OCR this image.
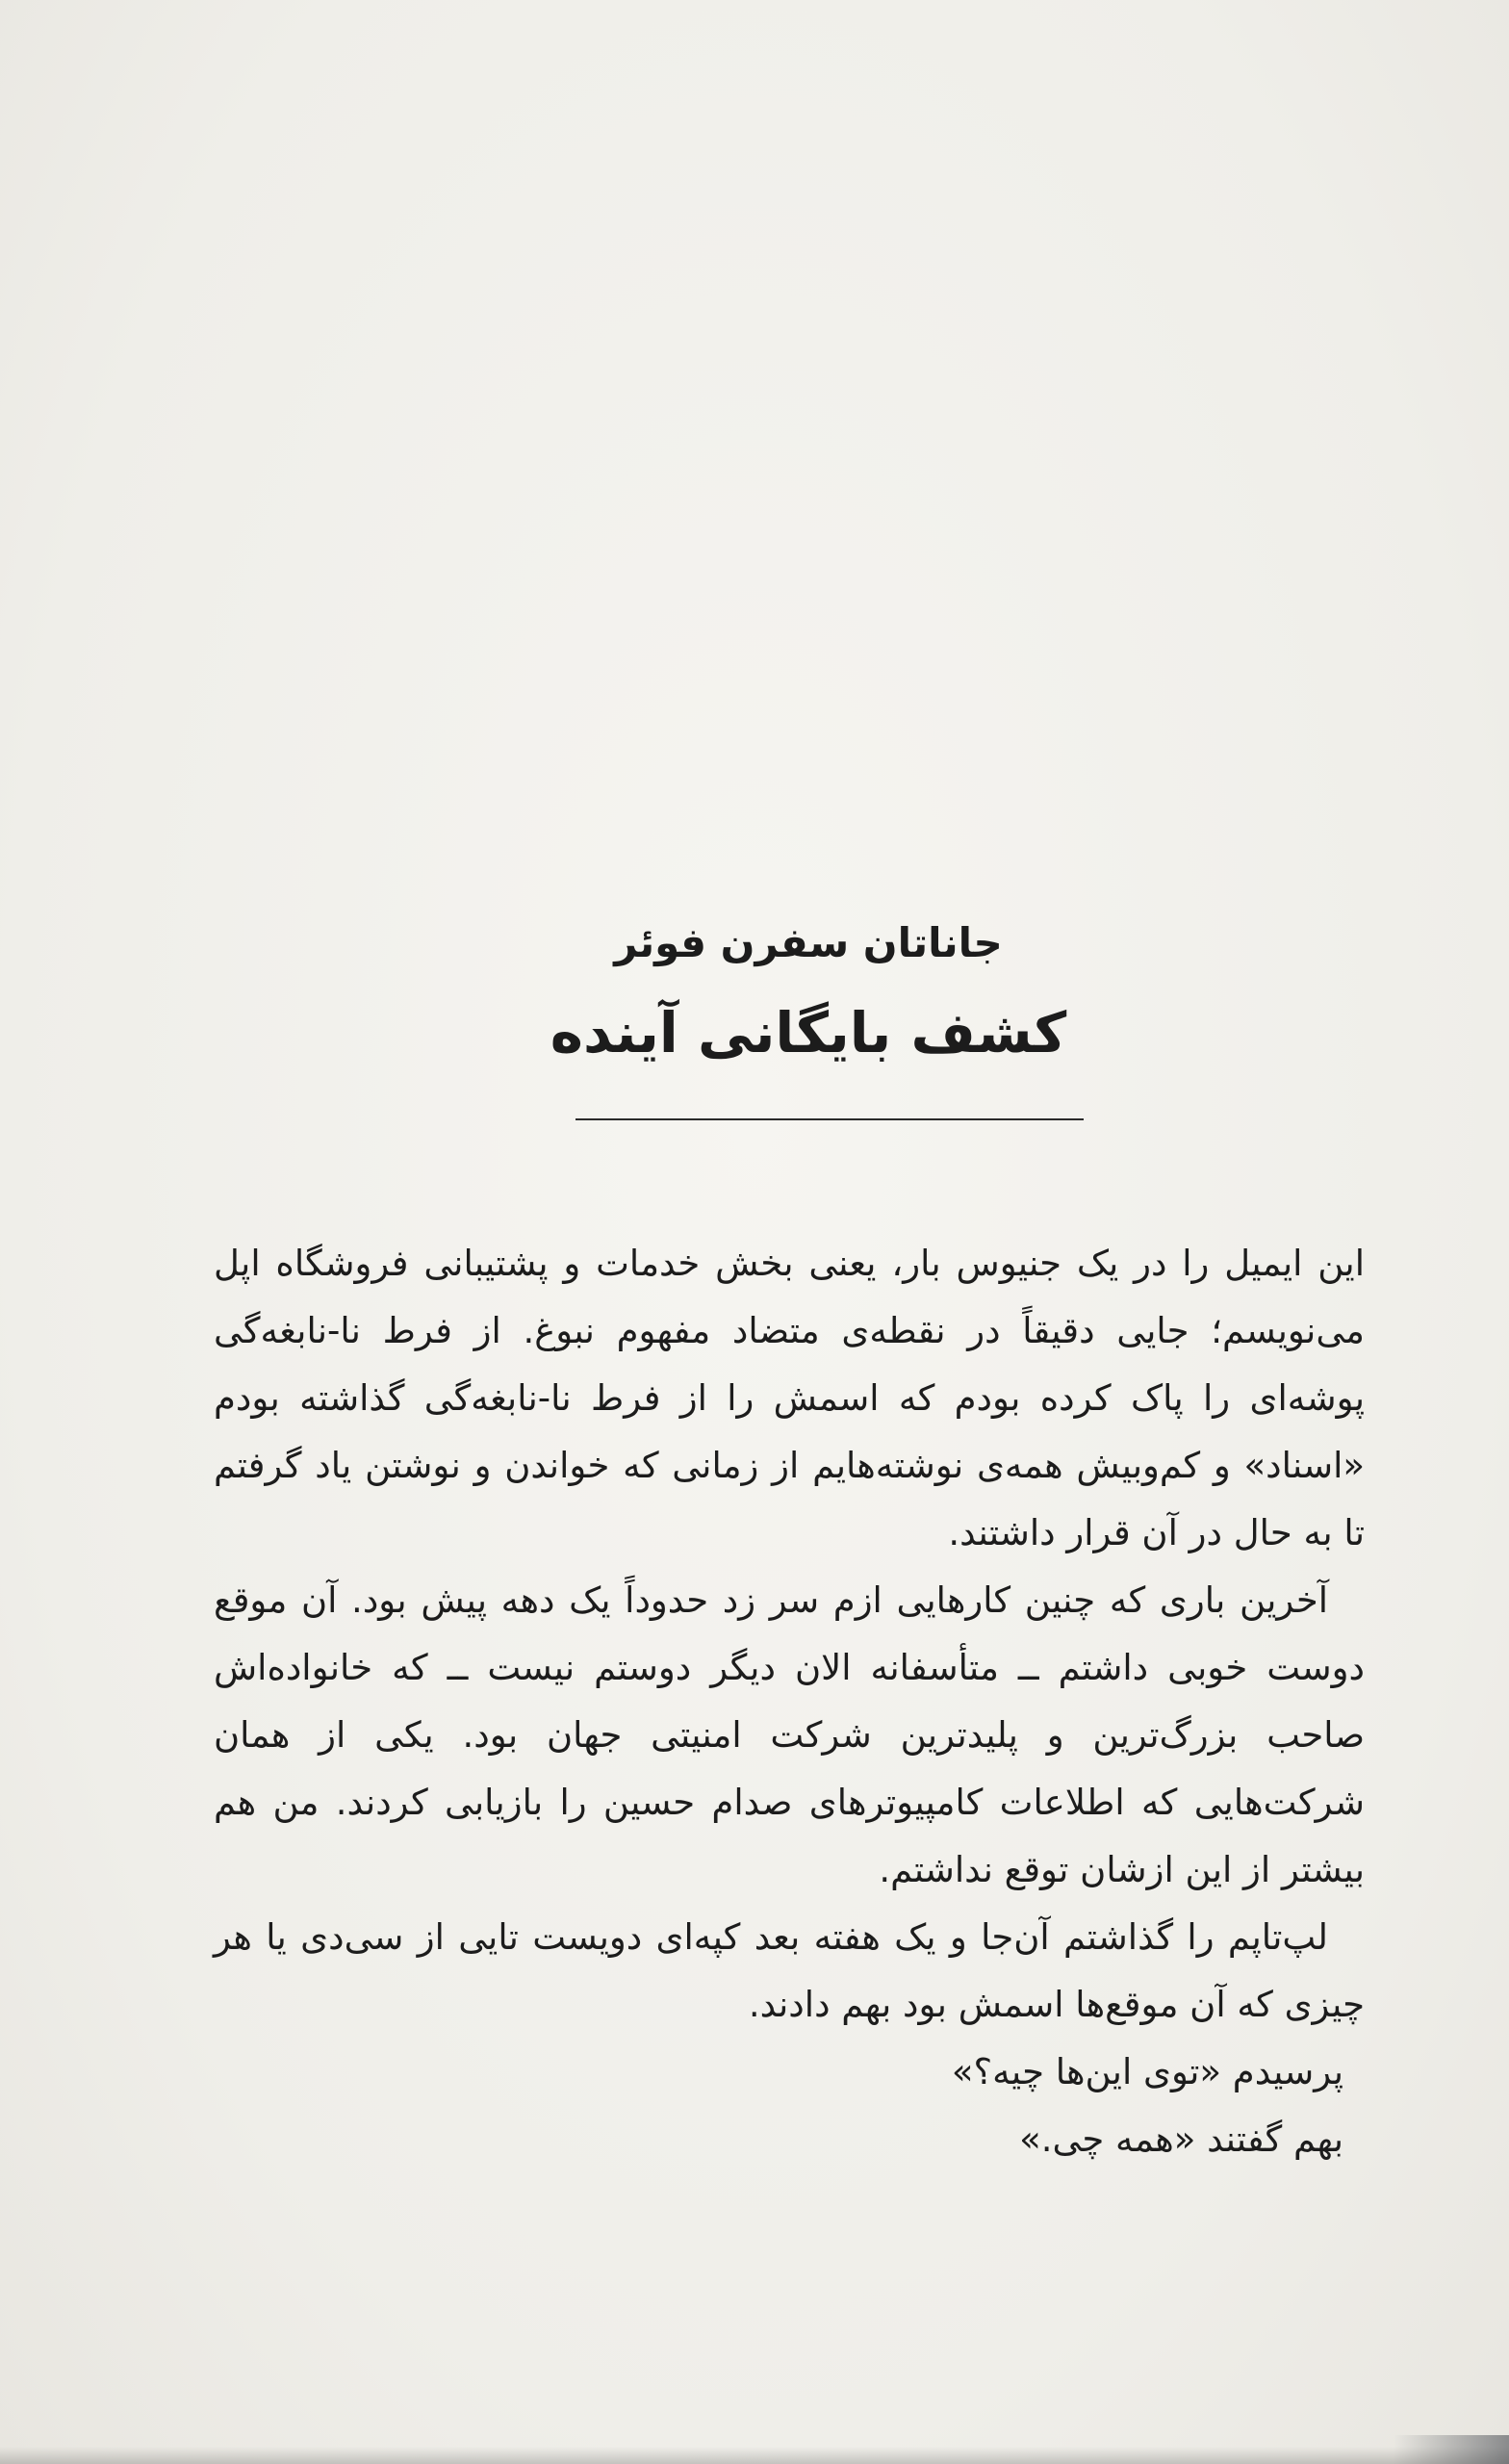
جاناتان سفرن فوئر

کشف بایگانی آینده

این ایمیل را در یک جنیوس بار، یعنی بخش خدمات و پشتیبانی فروشگاه اپل می‌نویسم؛ جایی دقیقاً در نقطه‌ی متضاد مفهوم نبوغ. از فرط نا-نابغه‌گی پوشه‌ای را پاک کرده بودم که اسمش را از فرط نا-نابغه‌گی گذاشته بودم «اسناد» و کم‌وبیش همه‌ی نوشته‌هایم از زمانی که خواندن و نوشتن یاد گرفتم تا به حال در آن قرار داشتند.

آخرین باری که چنین کارهایی ازم سر زد حدوداً یک دهه پیش بود. آن موقع دوست خوبی داشتم ــ متأسفانه الان دیگر دوستم نیست ــ که خانواده‌اش صاحب بزرگ‌ترین و پلیدترین شرکت امنیتی جهان بود. یکی از همان شرکت‌هایی که اطلاعات کامپیوترهای صدام حسین را بازیابی کردند. من هم بیشتر از این ازشان توقع نداشتم.

لپ‌تاپم را گذاشتم آن‌جا و یک هفته بعد کپه‌ای دویست تایی از سی‌دی یا هر چیزی که آن موقع‌ها اسمش بود بهم دادند.

پرسیدم «توی این‌ها چیه؟»

بهم گفتند «همه چی.»
